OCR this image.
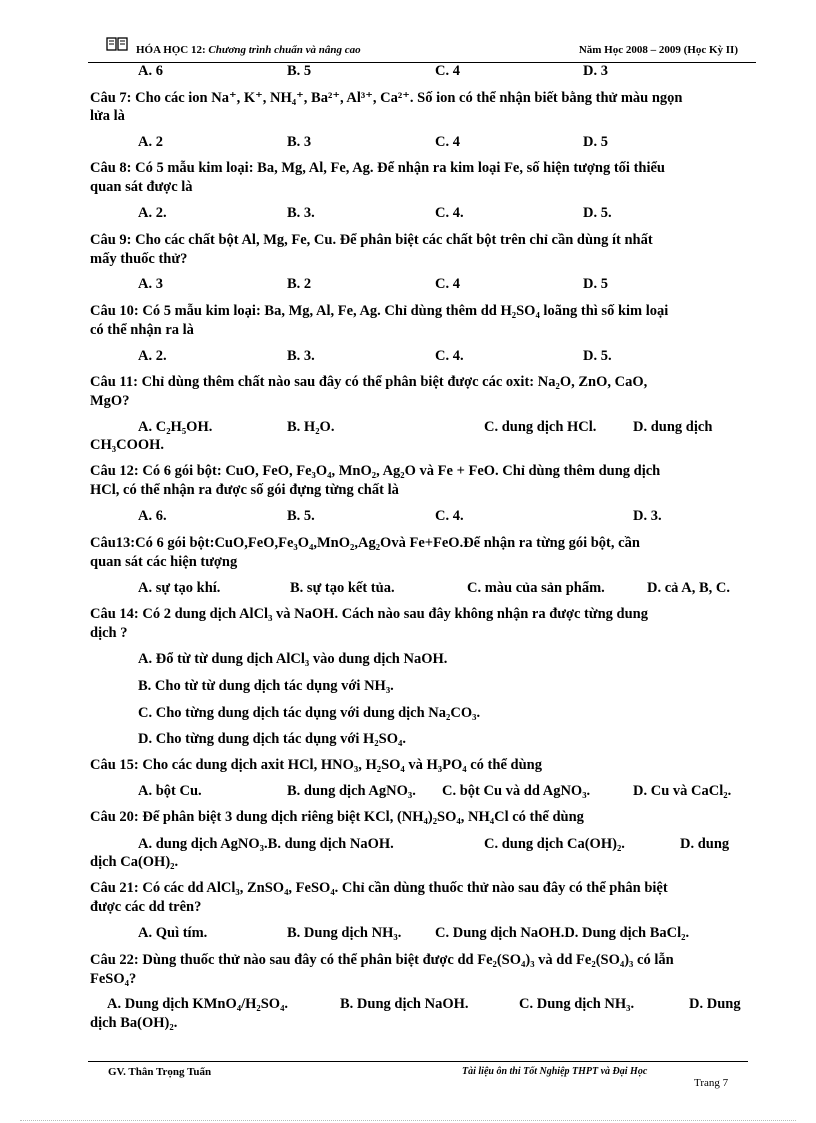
HÓA HỌC 12: Chương trình chuẩn và nâng cao	Năm Học 2008 – 2009 (Học Kỳ II)
A. 6	B. 5	C. 4	D. 3
Câu 7: Cho các ion Na⁺, K⁺, NH₄⁺, Ba²⁺, Al³⁺, Ca²⁺. Số ion có thể nhận biết bằng thử màu ngọn
lửa là
A. 2	B. 3	C. 4	D. 5
Câu 8: Có 5 mẫu kim loại: Ba, Mg, Al, Fe, Ag. Để nhận ra kim loại Fe, số hiện tượng tối thiểu
quan sát được là
A. 2.	B. 3.	C. 4.	D. 5.
Câu 9: Cho các chất bột Al, Mg, Fe, Cu. Để phân biệt các chất bột trên chỉ cần dùng ít nhất
mấy thuốc thử?
A. 3	B. 2	C. 4	D. 5
Câu 10: Có 5 mẫu kim loại: Ba, Mg, Al, Fe, Ag. Chỉ dùng thêm dd H₂SO₄ loãng thì số kim loại
có thể nhận ra là
A. 2.	B. 3.	C. 4.	D. 5.
Câu 11: Chỉ dùng thêm chất nào sau đây có thể phân biệt được các oxit: Na₂O, ZnO, CaO,
MgO?
A. C₂H₅OH.	B. H₂O.	C. dung dịch HCl.	D. dung dịch
CH₃COOH.
Câu 12: Có 6 gói bột: CuO, FeO, Fe₃O₄, MnO₂, Ag₂O và Fe + FeO. Chỉ dùng thêm dung dịch
HCl, có thể nhận ra được số gói đựng từng chất là
A. 6.	B. 5.	C. 4.	D. 3.
Câu13:Có 6 gói bột:CuO,FeO,Fe₃O₄,MnO₂,Ag₂Ovà Fe+FeO.Để nhận ra từng gói bột, cần
quan sát các hiện tượng
A. sự tạo khí.	B. sự tạo kết tủa.	C. màu của sản phẩm.	D. cả A, B, C.
Câu 14: Có 2 dung dịch AlCl₃ và NaOH. Cách nào sau đây không nhận ra được từng dung
dịch ?
A. Đổ từ từ dung dịch AlCl₃ vào dung dịch NaOH.
B. Cho từ từ dung dịch tác dụng với NH₃.
C. Cho từng dung dịch tác dụng với dung dịch Na₂CO₃.
D. Cho từng dung dịch tác dụng với H₂SO₄.
Câu 15: Cho các dung dịch axit HCl, HNO₃, H₂SO₄ và H₃PO₄ có thể dùng
A. bột Cu.	B. dung dịch AgNO₃. C. bột Cu và dd AgNO₃.	D. Cu và CaCl₂.
Câu 20: Để phân biệt 3 dung dịch riêng biệt KCl, (NH₄)₂SO₄, NH₄Cl có thể dùng
A. dung dịch AgNO₃.B. dung dịch NaOH.	C. dung dịch Ca(OH)₂.	D. dung
dịch Ca(OH)₂.
Câu 21: Có các dd AlCl₃, ZnSO₄, FeSO₄. Chỉ cần dùng thuốc thử nào sau đây có thể phân biệt
được các dd trên?
A. Quì tím.	B. Dung dịch NH₃. C. Dung dịch NaOH.D. Dung dịch BaCl₂.
Câu 22: Dùng thuốc thử nào sau đây có thể phân biệt được dd Fe₂(SO₄)₃ và dd Fe₂(SO₄)₃ có lẫn
FeSO₄?
A. Dung dịch KMnO₄/H₂SO₄.	B. Dung dịch NaOH.	C. Dung dịch NH₃.	D. Dung
dịch Ba(OH)₂.
GV. Thân Trọng Tuấn	Tài liệu ôn thi Tốt Nghiệp THPT và Đại Học
Trang 7
